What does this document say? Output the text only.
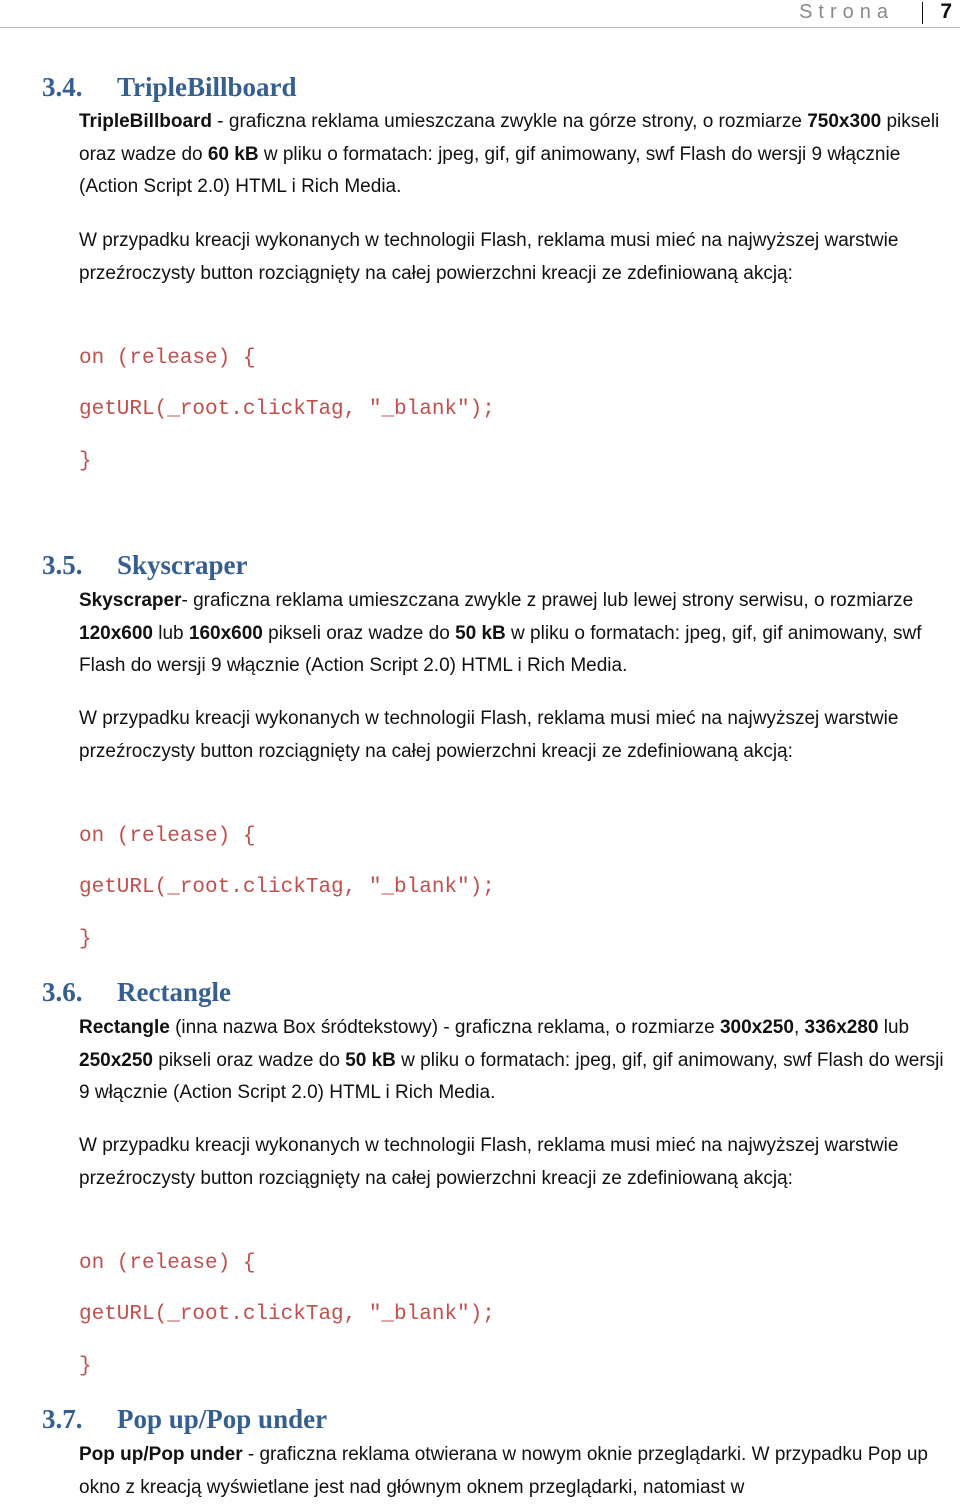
Strona 7
3.4. TripleBillboard

TripleBillboard - graficzna reklama umieszczana zwykle na górze strony, o rozmiarze 750x300 pikseli oraz wadze do 60 kB w pliku o formatach: jpeg, gif, gif animowany, swf Flash do wersji 9 włącznie (Action Script 2.0) HTML i Rich Media.

W przypadku kreacji wykonanych w technologii Flash, reklama musi mieć na najwyższej warstwie przeźroczysty button rozciągnięty na całej powierzchni kreacji ze zdefiniowaną akcją:

on (release) {
getURL(_root.clickTag, "_blank");
}
3.5. Skyscraper

Skyscraper- graficzna reklama umieszczana zwykle z prawej lub lewej strony serwisu, o rozmiarze 120x600 lub 160x600 pikseli oraz wadze do 50 kB w pliku o formatach: jpeg, gif, gif animowany, swf Flash do wersji 9 włącznie (Action Script 2.0) HTML i Rich Media.

W przypadku kreacji wykonanych w technologii Flash, reklama musi mieć na najwyższej warstwie przeźroczysty button rozciągnięty na całej powierzchni kreacji ze zdefiniowaną akcją:

on (release) {
getURL(_root.clickTag, "_blank");
}
3.6. Rectangle

Rectangle (inna nazwa Box śródtekstowy) - graficzna reklama, o rozmiarze 300x250, 336x280 lub 250x250 pikseli oraz wadze do 50 kB w pliku o formatach: jpeg, gif, gif animowany, swf Flash do wersji 9 włącznie (Action Script 2.0) HTML i Rich Media.

W przypadku kreacji wykonanych w technologii Flash, reklama musi mieć na najwyższej warstwie przeźroczysty button rozciągnięty na całej powierzchni kreacji ze zdefiniowaną akcją:

on (release) {
getURL(_root.clickTag, "_blank");
}
3.7. Pop up/Pop under

Pop up/Pop under - graficzna reklama otwierana w nowym oknie przeglądarki. W przypadku Pop up okno z kreacją wyświetlane jest nad głównym oknem przeglądarki, natomiast w
